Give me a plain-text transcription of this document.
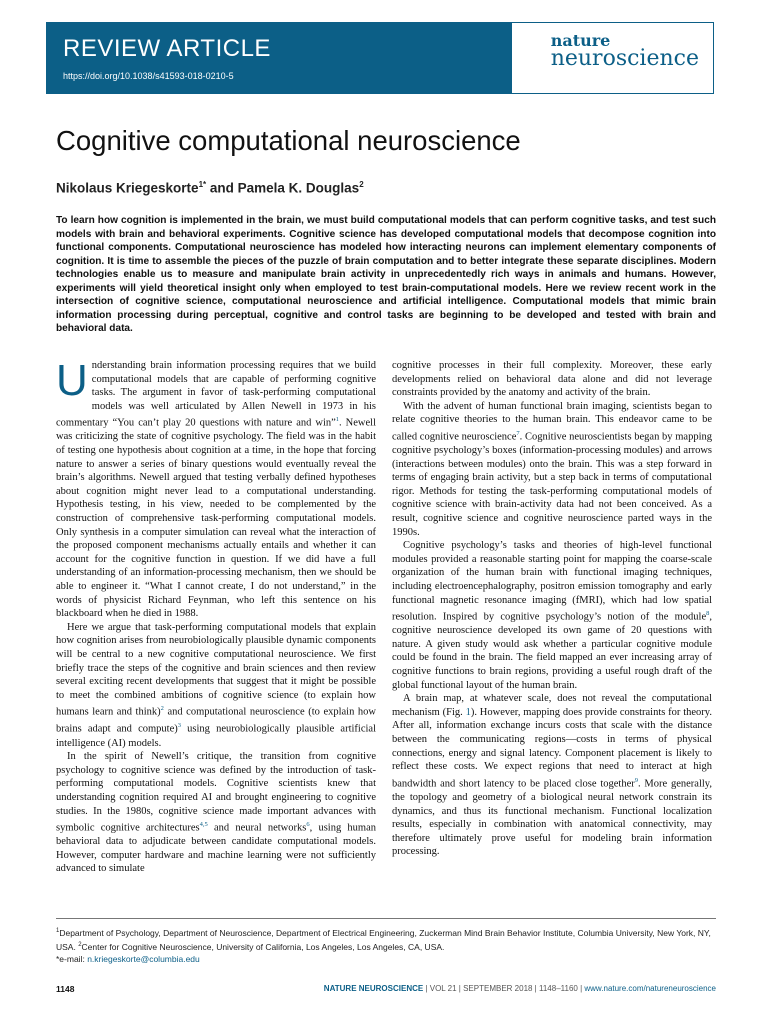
REVIEW ARTICLE
https://doi.org/10.1038/s41593-018-0210-5
nature
neuroscience
Cognitive computational neuroscience
Nikolaus Kriegeskorte$^{1*}$ and Pamela K. Douglas$^2$

To learn how cognition is implemented in the brain, we must build computational models that can perform cognitive tasks, and test such models with brain and behavioral experiments. Cognitive science has developed computational models that decompose cognition into functional components. Computational neuroscience has modeled how interacting neurons can implement elementary components of cognition. It is time to assemble the pieces of the puzzle of brain computation and to better integrate these separate disciplines. Modern technologies enable us to measure and manipulate brain activity in unprecedentedly rich ways in animals and humans. However, experiments will yield theoretical insight only when employed to test brain-computational models. Here we review recent work in the intersection of cognitive science, computational neuroscience and artificial intelligence. Computational models that mimic brain information processing during perceptual, cognitive and control tasks are beginning to be developed and tested with brain and behavioral data.

Understanding brain information processing requires that we build computational models that are capable of performing cognitive tasks. The argument in favor of task-performing computational models was well articulated by Allen Newell in 1973 in his commentary “You can’t play 20 questions with nature and win”$^1$. Newell was criticizing the state of cognitive psychology. The field was in the habit of testing one hypothesis about cognition at a time, in the hope that forcing nature to answer a series of binary questions would eventually reveal the brain’s algorithms. Newell argued that testing verbally defined hypotheses about cognition might never lead to a computational understanding. Hypothesis testing, in his view, needed to be complemented by the construction of comprehensive task-performing computational models. Only synthesis in a computer simulation can reveal what the interaction of the proposed component mechanisms actually entails and whether it can account for the cognitive function in question. If we did have a full understanding of an information-processing mechanism, then we should be able to engineer it. “What I cannot create, I do not understand,” in the words of physicist Richard Feynman, who left this sentence on his blackboard when he died in 1988.

Here we argue that task-performing computational models that explain how cognition arises from neurobiologically plausible dynamic components will be central to a new cognitive computational neuroscience. We first briefly trace the steps of the cognitive and brain sciences and then review several exciting recent developments that suggest that it might be possible to meet the combined ambitions of cognitive science (to explain how humans learn and think)$^2$ and computational neuroscience (to explain how brains adapt and compute)$^3$ using neurobiologically plausible artificial intelligence (AI) models.

In the spirit of Newell’s critique, the transition from cognitive psychology to cognitive science was defined by the introduction of task-performing computational models. Cognitive scientists knew that understanding cognition required AI and brought engineering to cognitive studies. In the 1980s, cognitive science made important advances with symbolic cognitive architectures$^{4,5}$ and neural networks$^6$, using human behavioral data to adjudicate between candidate computational models. However, computer hardware and machine learning were not sufficiently advanced to simulate

cognitive processes in their full complexity. Moreover, these early developments relied on behavioral data alone and did not leverage constraints provided by the anatomy and activity of the brain.

With the advent of human functional brain imaging, scientists began to relate cognitive theories to the human brain. This endeavor came to be called cognitive neuroscience$^7$. Cognitive neuroscientists began by mapping cognitive psychology’s boxes (information-processing modules) and arrows (interactions between modules) onto the brain. This was a step forward in terms of engaging brain activity, but a step back in terms of computational rigor. Methods for testing the task-performing computational models of cognitive science with brain-activity data had not been conceived. As a result, cognitive science and cognitive neuroscience parted ways in the 1990s.

Cognitive psychology’s tasks and theories of high-level functional modules provided a reasonable starting point for mapping the coarse-scale organization of the human brain with functional imaging techniques, including electroencephalography, positron emission tomography and early functional magnetic resonance imaging (fMRI), which had low spatial resolution. Inspired by cognitive psychology’s notion of the module$^8$, cognitive neuroscience developed its own game of 20 questions with nature. A given study would ask whether a particular cognitive module could be found in the brain. The field mapped an ever increasing array of cognitive functions to brain regions, providing a useful rough draft of the global functional layout of the human brain.

A brain map, at whatever scale, does not reveal the computational mechanism (Fig. 1). However, mapping does provide constraints for theory. After all, information exchange incurs costs that scale with the distance between the communicating regions—costs in terms of physical connections, energy and signal latency. Component placement is likely to reflect these costs. We expect regions that need to interact at high bandwidth and short latency to be placed close together$^9$. More generally, the topology and geometry of a biological neural network constrain its dynamics, and thus its functional mechanism. Functional localization results, especially in combination with anatomical connectivity, may therefore ultimately prove useful for modeling brain information processing.

$^1$Department of Psychology, Department of Neuroscience, Department of Electrical Engineering, Zuckerman Mind Brain Behavior Institute, Columbia University, New York, NY, USA. $^2$Center for Cognitive Neuroscience, University of California, Los Angeles, Los Angeles, CA, USA.
*e-mail: n.kriegeskorte@columbia.edu

1148	NATURE NEUROSCIENCE | VOL 21 | SEPTEMBER 2018 | 1148–1160 | www.nature.com/natureneuroscience
